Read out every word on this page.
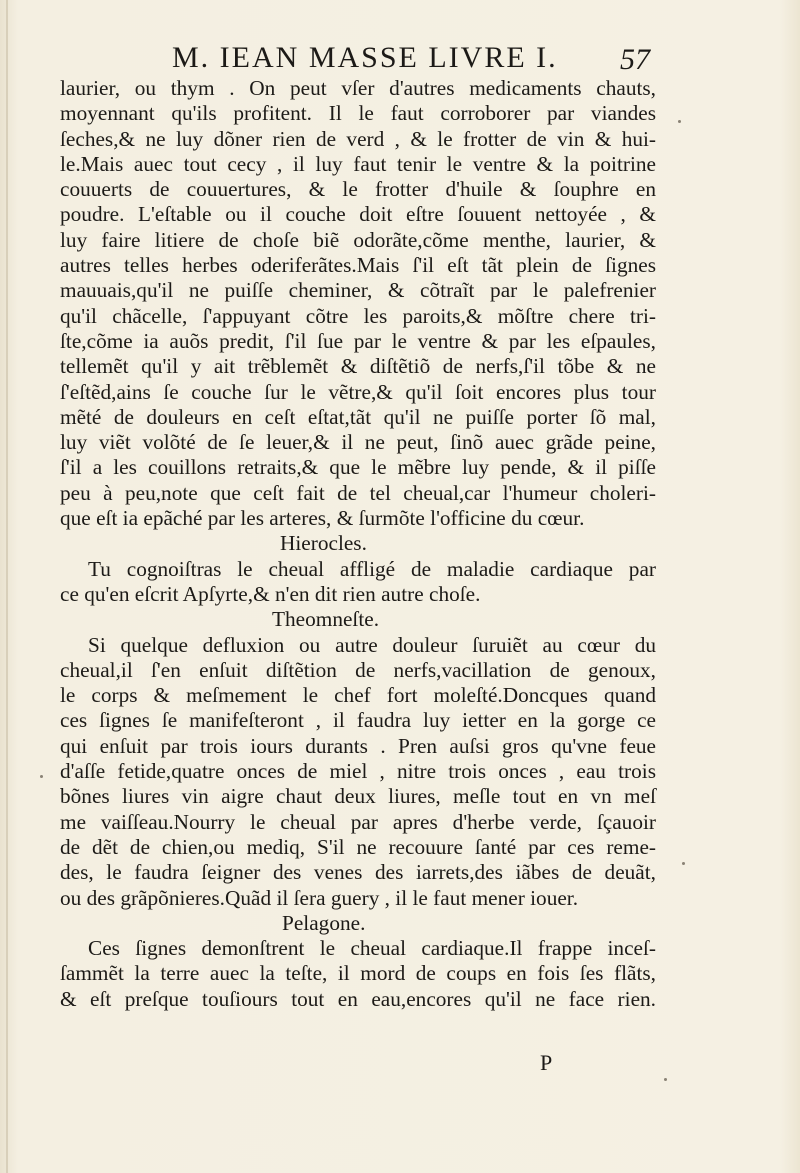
M. IEAN MASSE LIVRE I. 57
laurier, ou thym . On peut vſer d'autres medicaments chauts,
moyennant qu'ils profitent. Il le faut corroborer par viandes
ſeches,& ne luy dõner rien de verd , & le frotter de vin & hui-
le.Mais auec tout cecy , il luy faut tenir le ventre & la poitrine
couuerts de couuertures, & le frotter d'huile & ſouphre en
poudre. L'eſtable ou il couche doit eſtre ſouuent nettoyée , &
luy faire litiere de choſe biẽ odorãte,cõme menthe, laurier, &
autres telles herbes oderiferãtes.Mais ſ'il eſt tãt plein de ſignes
mauuais,qu'il ne puiſſe cheminer, & cõtraĩt par le palefrenier
qu'il chãcelle, ſ'appuyant cõtre les paroits,& mõſtre chere tri-
ſte,cõme ia auõs predit, ſ'il ſue par le ventre & par les eſpaules,
tellemẽt qu'il y ait trẽblemẽt & diſtẽtiõ de nerfs,ſ'il tõbe & ne
ſ'eſtẽd,ains ſe couche ſur le vẽtre,& qu'il ſoit encores plus tour
mẽté de douleurs en ceſt eſtat,tãt qu'il ne puiſſe porter ſõ mal,
luy viẽt volõté de ſe leuer,& il ne peut, ſinõ auec grãde peine,
ſ'il a les couillons retraits,& que le mẽbre luy pende, & il piſſe
peu à peu,note que ceſt fait de tel cheual,car l'humeur choleri-
que eſt ia epãché par les arteres, & ſurmõte l'officine du cœur.
Hierocles.
Tu cognoiſtras le cheual affligé de maladie cardiaque par
ce qu'en eſcrit Apſyrte,& n'en dit rien autre choſe.
Theomneſte.
Si quelque defluxion ou autre douleur ſuruiẽt au cœur du
cheual,il ſ'en enſuit diſtẽtion de nerfs,vacillation de genoux,
le corps & meſmement le chef fort moleſté.Doncques quand
ces ſignes ſe manifeſteront , il faudra luy ietter en la gorge ce
qui enſuit par trois iours durants . Pren auſsi gros qu'vne feue
d'aſſe fetide,quatre onces de miel , nitre trois onces , eau trois
bõnes liures vin aigre chaut deux liures, meſle tout en vn meſ
me vaiſſeau.Nourry le cheual par apres d'herbe verde, ſçauoir
de dẽt de chien,ou mediq, S'il ne recouure ſanté par ces reme-
des, le faudra ſeigner des venes des iarrets,des iãbes de deuãt,
ou des grãpõnieres.Quãd il ſera guery , il le faut mener iouer.
Pelagone.
Ces ſignes demonſtrent le cheual cardiaque.Il frappe inceſ-
ſammẽt la terre auec la teſte, il mord de coups en fois ſes flãts,
& eſt preſque touſiours tout en eau,encores qu'il ne face rien.
P
